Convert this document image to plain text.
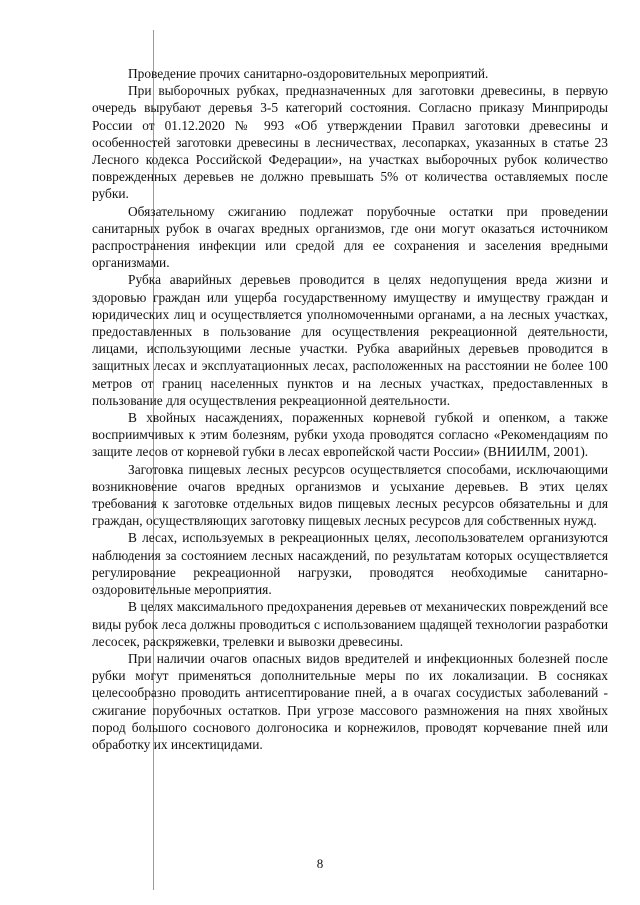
Проведение прочих санитарно-оздоровительных мероприятий.

При выборочных рубках, предназначенных для заготовки древесины, в первую очередь вырубают деревья 3-5 категорий состояния. Согласно приказу Минприроды России от 01.12.2020 № 993 «Об утверждении Правил заготовки древесины и особенностей заготовки древесины в лесничествах, лесопарках, указанных в статье 23 Лесного кодекса Российской Федерации», на участках выборочных рубок количество поврежденных деревьев не должно превышать 5% от количества оставляемых после рубки.

Обязательному сжиганию подлежат порубочные остатки при проведении санитарных рубок в очагах вредных организмов, где они могут оказаться источником распространения инфекции или средой для ее сохранения и заселения вредными организмами.

Рубка аварийных деревьев проводится в целях недопущения вреда жизни и здоровью граждан или ущерба государственному имуществу и имуществу граждан и юридических лиц и осуществляется уполномоченными органами, а на лесных участках, предоставленных в пользование для осуществления рекреационной деятельности, лицами, использующими лесные участки. Рубка аварийных деревьев проводится в защитных лесах и эксплуатационных лесах, расположенных на расстоянии не более 100 метров от границ населенных пунктов и на лесных участках, предоставленных в пользование для осуществления рекреационной деятельности.

В хвойных насаждениях, пораженных корневой губкой и опенком, а также восприимчивых к этим болезням, рубки ухода проводятся согласно «Рекомендациям по защите лесов от корневой губки в лесах европейской части России» (ВНИИЛМ, 2001).

Заготовка пищевых лесных ресурсов осуществляется способами, исключающими возникновение очагов вредных организмов и усыхание деревьев. В этих целях требования к заготовке отдельных видов пищевых лесных ресурсов обязательны и для граждан, осуществляющих заготовку пищевых лесных ресурсов для собственных нужд.

В лесах, используемых в рекреационных целях, лесопользователем организуются наблюдения за состоянием лесных насаждений, по результатам которых осуществляется регулирование рекреационной нагрузки, проводятся необходимые санитарно-оздоровительные мероприятия.

В целях максимального предохранения деревьев от механических повреждений все виды рубок леса должны проводиться с использованием щадящей технологии разработки лесосек, раскряжевки, трелевки и вывозки древесины.

При наличии очагов опасных видов вредителей и инфекционных болезней после рубки могут применяться дополнительные меры по их локализации. В сосняках целесообразно проводить антисептирование пней, а в очагах сосудистых заболеваний - сжигание порубочных остатков. При угрозе массового размножения на пнях хвойных пород большого соснового долгоносика и корнежилов, проводят корчевание пней или обработку их инсектицидами.

8
